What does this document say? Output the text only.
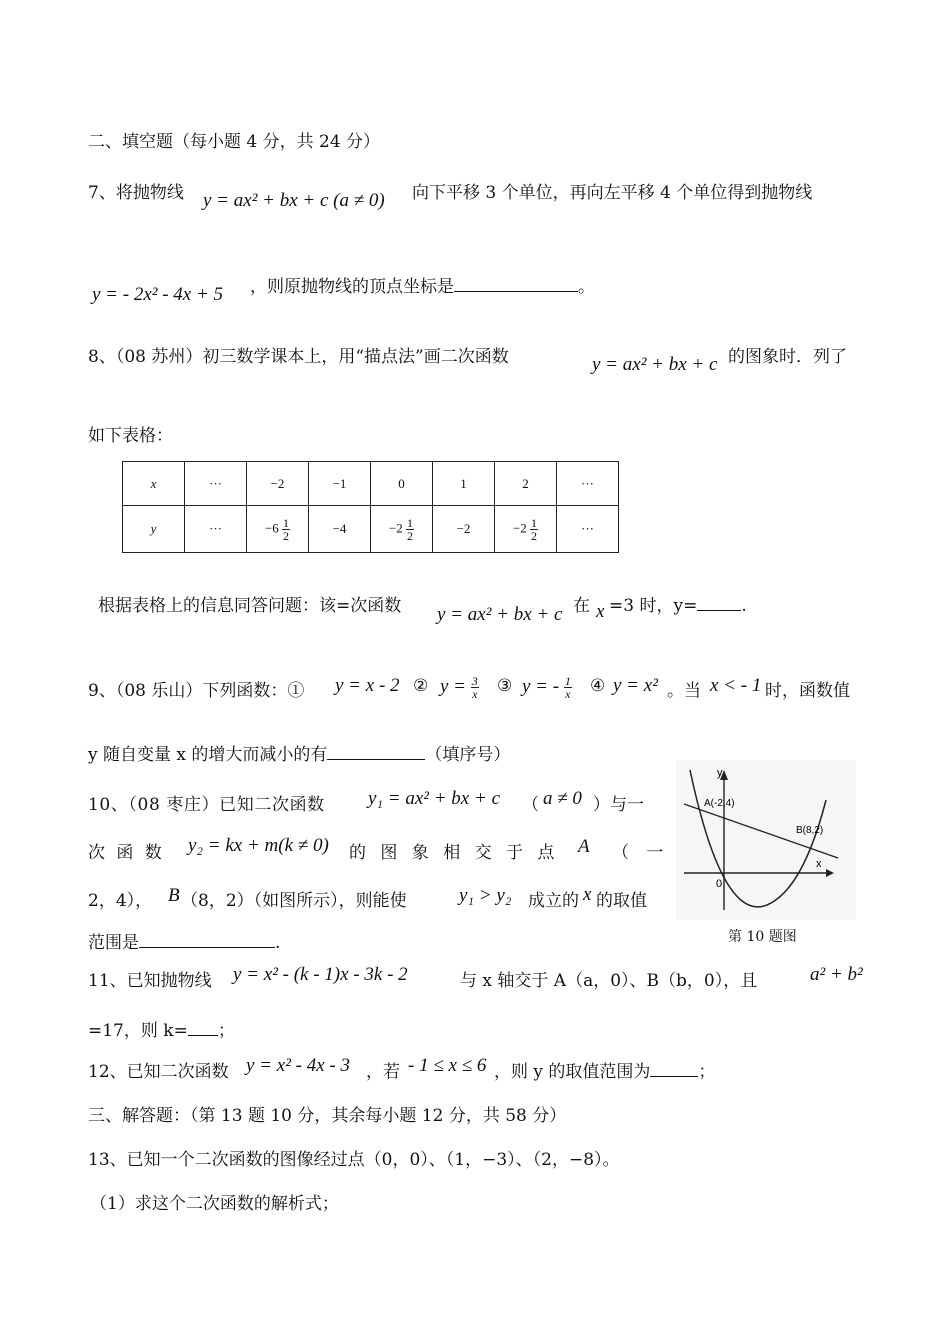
二、填空题（每小题 4 分，共 24 分）
7、将抛物线 y = ax² + bx + c (a ≠ 0) 向下平移 3 个单位，再向左平移 4 个单位得到抛物线
y = - 2x² - 4x + 5 ，则原抛物线的顶点坐标是	。
8、（08 苏州）初三数学课本上，用“描点法”画二次函数	y = ax² + bx + c 的图象时．列了
如下表格：
x	···	−2	−1	0	1	2	···
y	···	$-6 \frac{1}{2}$	−4	$-2 \frac{1}{2}$	−2	$-2 \frac{1}{2}$	···
根据表格上的信息同答问题：该=次函数 y = ax² + bx + c 在 x =3 时，y=	.
9、（08 乐山）下列函数：① y = x - 2 ② $y = \frac{3}{x}$ ③ y = - $\frac{1}{x}$ ④ y = x² 。当 x < - 1 时，函数值
y 随自变量 x 的增大而减小的有	（填序号）
10、（08 枣庄）已知二次函数 y₁ = ax² + bx + c （ a ≠ 0 ）与一
次 函 数 y₂ = kx + m(k ≠ 0) 的 图 象 相 交 于 点 A （ 一
2，4）， B （8，2）（如图所示），则能使	y₁ > y₂ 成立的 x 的取值
范围是	.
y
x
0
A(-2,4)
B(8,2)
第 10 题图
11、已知抛物线 y = x² - (k - 1)x - 3k - 2	与 x 轴交于 A（a，0）、B（b，0），且	a² + b²
=17，则 k= ；
12、已知二次函数 y = x² - 4x - 3 ，若 - 1 ≤ x ≤ 6 ，则 y 的取值范围为	；
三、解答题：（第 13 题 10 分，其余每小题 12 分，共 58 分）
13、已知一个二次函数的图像经过点（0，0）、（1，−3）、（2，−8）。
（1）求这个二次函数的解析式；
